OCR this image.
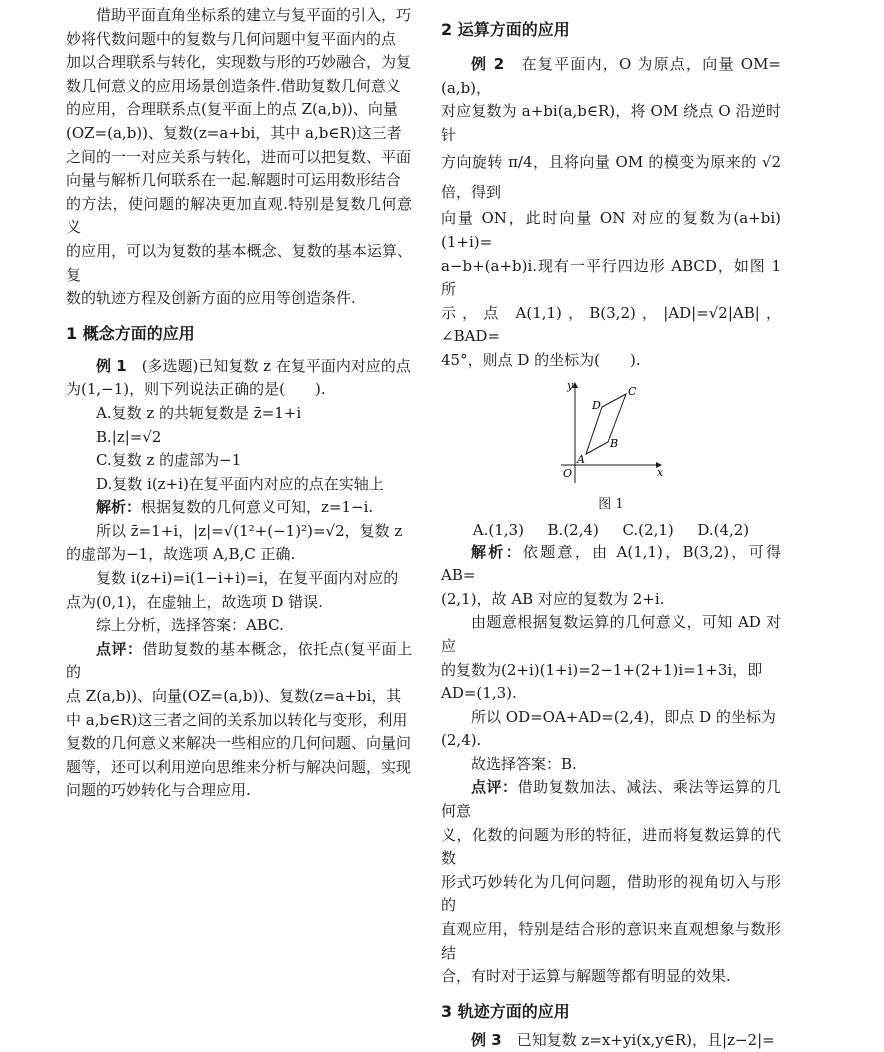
借助平面直角坐标系的建立与复平面的引入，巧

妙将代数问题中的复数与几何问题中复平面内的点

加以合理联系与转化，实现数与形的巧妙融合，为复

数几何意义的应用场景创造条件.借助复数几何意义

的应用，合理联系点(复平面上的点 Z(a,b))、向量

(OZ=(a,b))、复数(z=a+bi，其中 a,b∈R)这三者

之间的一一对应关系与转化，进而可以把复数、平面

向量与解析几何联系在一起.解题时可运用数形结合

的方法，使问题的解决更加直观.特别是复数几何意义

的应用，可以为复数的基本概念、复数的基本运算、复

数的轨迹方程及创新方面的应用等创造条件.

1 概念方面的应用

例 1　 (多选题)已知复数 z 在复平面内对应的点

为(1,−1)，则下列说法正确的是(　　).

A.复数 z 的共轭复数是 z̄=1+i

B.|z|=√2

C.复数 z 的虚部为−1

D.复数 i(z+i)在复平面内对应的点在实轴上

解析：根据复数的几何意义可知，z=1−i.

所以 z̄=1+i，|z|=√(1²+(−1)²)=√2，复数 z

的虚部为−1，故选项 A,B,C 正确.

复数 i(z+i)=i(1−i+i)=i，在复平面内对应的

点为(0,1)，在虚轴上，故选项 D 错误.

综上分析，选择答案：ABC.

点评：借助复数的基本概念，依托点(复平面上的

点 Z(a,b))、向量(OZ=(a,b))、复数(z=a+bi，其

中 a,b∈R)这三者之间的关系加以转化与变形，利用

复数的几何意义来解决一些相应的几何问题、向量问

题等，还可以利用逆向思维来分析与解决问题，实现

问题的巧妙转化与合理应用.

2 运算方面的应用

例 2　 在复平面内，O 为原点，向量 OM=(a,b)，

对应复数为 a+bi(a,b∈R)，将 OM 绕点 O 沿逆时针

方向旋转 π/4，且将向量 OM 的模变为原来的 √2 倍，得到

向量 ON，此时向量 ON 对应的复数为(a+bi)(1+i)=

a−b+(a+b)i.现有一平行四边形 ABCD，如图 1 所

示，点 A(1,1)，B(3,2)，|AD|=√2|AB|，∠BAD=

45°，则点 D 的坐标为(　　).

y
x
O
A
B
C
D
图 1
A.(1,3) B.(2,4) C.(2,1) D.(4,2)

解析：依题意，由 A(1,1)，B(3,2)，可得 AB=

(2,1)，故 AB 对应的复数为 2+i.

由题意根据复数运算的几何意义，可知 AD 对应

的复数为(2+i)(1+i)=2−1+(2+1)i=1+3i，即

AD=(1,3).

所以 OD=OA+AD=(2,4)，即点 D 的坐标为

(2,4).

故选择答案：B.

点评：借助复数加法、减法、乘法等运算的几何意

义，化数的问题为形的特征，进而将复数运算的代数

形式巧妙转化为几何问题，借助形的视角切入与形的

直观应用，特别是结合形的意识来直观想象与数形结

合，有时对于运算与解题等都有明显的效果.

3 轨迹方面的应用

例 3　 已知复数 z=x+yi(x,y∈R)，且|z−2|=
